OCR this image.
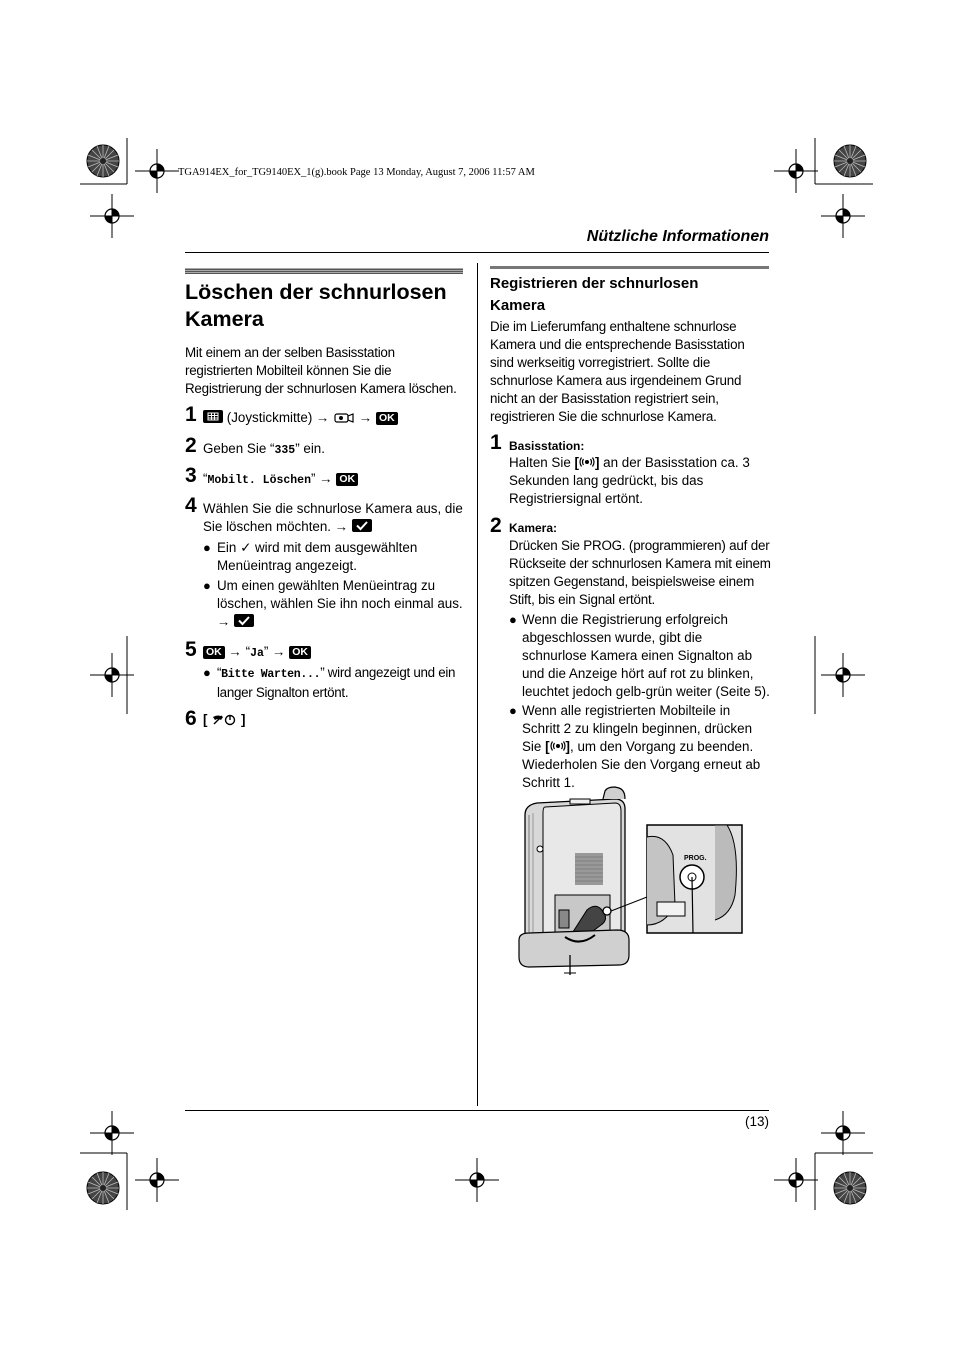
TGA914EX_for_TG9140EX_1(g).book Page 13 Monday, August 7, 2006 11:57 AM
Nützliche Informationen
Löschen der schnurlosen
Kamera
Mit einem an der selben Basisstation registrierten Mobilteil können Sie die Registrierung der schnurlosen Kamera löschen.
1	(Joystickmitte) → → OK
2 Geben Sie “335” ein.
3 “Mobilt. Löschen” → OK
4 Wählen Sie die schnurlose Kamera aus, die Sie löschen möchten. →
● Ein ✓ wird mit dem ausgewählten Menüeintrag angezeigt.
● Um einen gewählten Menüeintrag zu löschen, wählen Sie ihn noch einmal aus.
→
5 OK → “Ja” → OK
● “Bitte Warten...” wird angezeigt und ein langer Signalton ertönt.
6 [ ]
Registrieren der schnurlosen
Kamera
Die im Lieferumfang enthaltene schnurlose Kamera und die entsprechende Basisstation sind werkseitig vorregistriert. Sollte die schnurlose Kamera aus irgendeinem Grund nicht an der Basisstation registriert sein, registrieren Sie die schnurlose Kamera.
1 Basisstation:
Halten Sie [ ] an der Basisstation ca. 3 Sekunden lang gedrückt, bis das Registriersignal ertönt.
2 Kamera:
Drücken Sie PROG. (programmieren) auf der Rückseite der schnurlosen Kamera mit einem spitzen Gegenstand, beispielsweise einem Stift, bis ein Signal ertönt.
● Wenn die Registrierung erfolgreich abgeschlossen wurde, gibt die schnurlose Kamera einen Signalton ab und die Anzeige hört auf rot zu blinken, leuchtet jedoch gelb-grün weiter (Seite 5).
● Wenn alle registrierten Mobilteile in Schritt 2 zu klingeln beginnen, drücken Sie [ ], um den Vorgang zu beenden. Wiederholen Sie den Vorgang erneut ab Schritt 1.
PROG.
(13)
